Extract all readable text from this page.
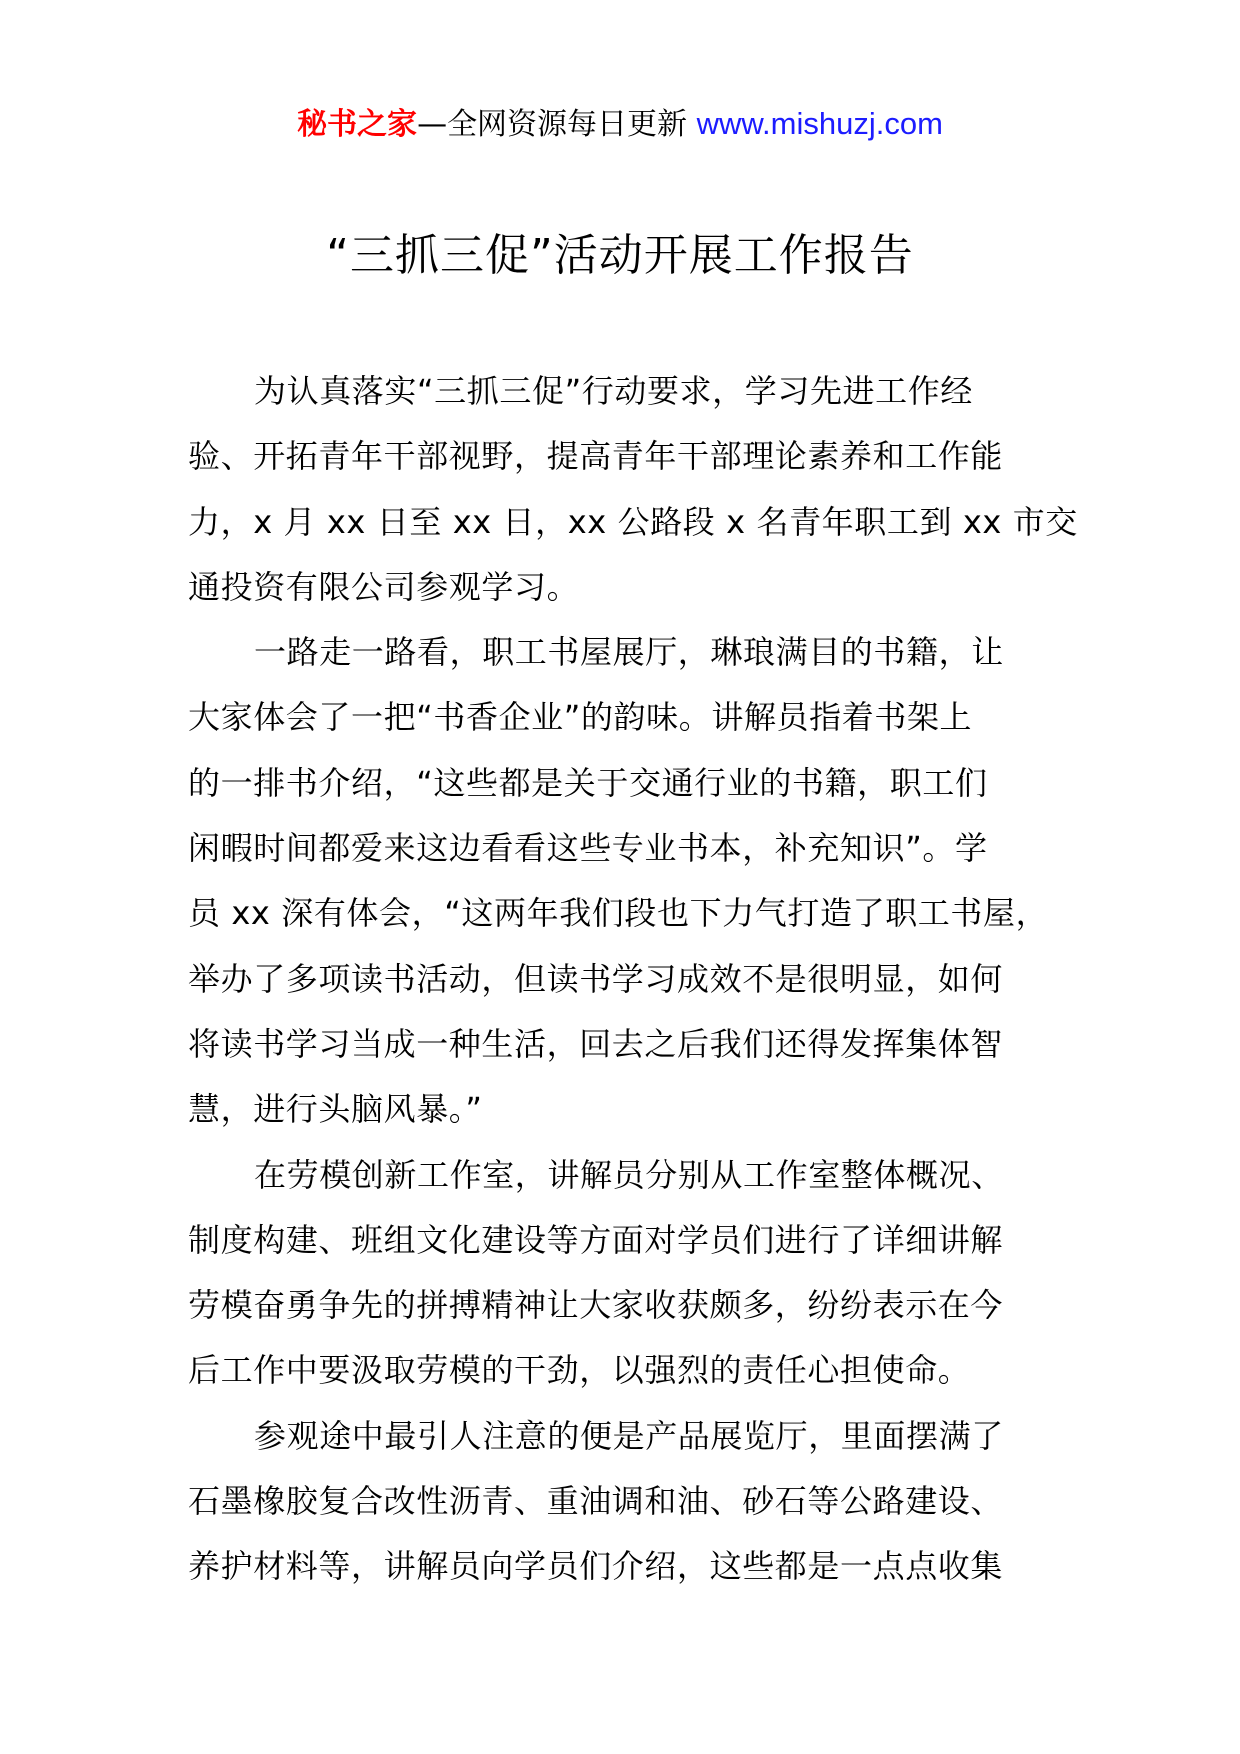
秘书之家—全网资源每日更新 www.mishuzj.com
“三抓三促”活动开展工作报告
为认真落实“三抓三促”行动要求，学习先进工作经
验、开拓青年干部视野，提高青年干部理论素养和工作能
力，x 月 xx 日至 xx 日，xx 公路段 x 名青年职工到 xx 市交
通投资有限公司参观学习。
一路走一路看，职工书屋展厅，琳琅满目的书籍，让
大家体会了一把“书香企业”的韵味。讲解员指着书架上
的一排书介绍，“这些都是关于交通行业的书籍，职工们
闲暇时间都爱来这边看看这些专业书本，补充知识”。学
员 xx 深有体会，“这两年我们段也下力气打造了职工书屋，
举办了多项读书活动，但读书学习成效不是很明显，如何
将读书学习当成一种生活，回去之后我们还得发挥集体智
慧，进行头脑风暴。”
在劳模创新工作室，讲解员分别从工作室整体概况、
制度构建、班组文化建设等方面对学员们进行了详细讲解
劳模奋勇争先的拼搏精神让大家收获颇多，纷纷表示在今
后工作中要汲取劳模的干劲，以强烈的责任心担使命。
参观途中最引人注意的便是产品展览厅，里面摆满了
石墨橡胶复合改性沥青、重油调和油、砂石等公路建设、
养护材料等，讲解员向学员们介绍，这些都是一点点收集
